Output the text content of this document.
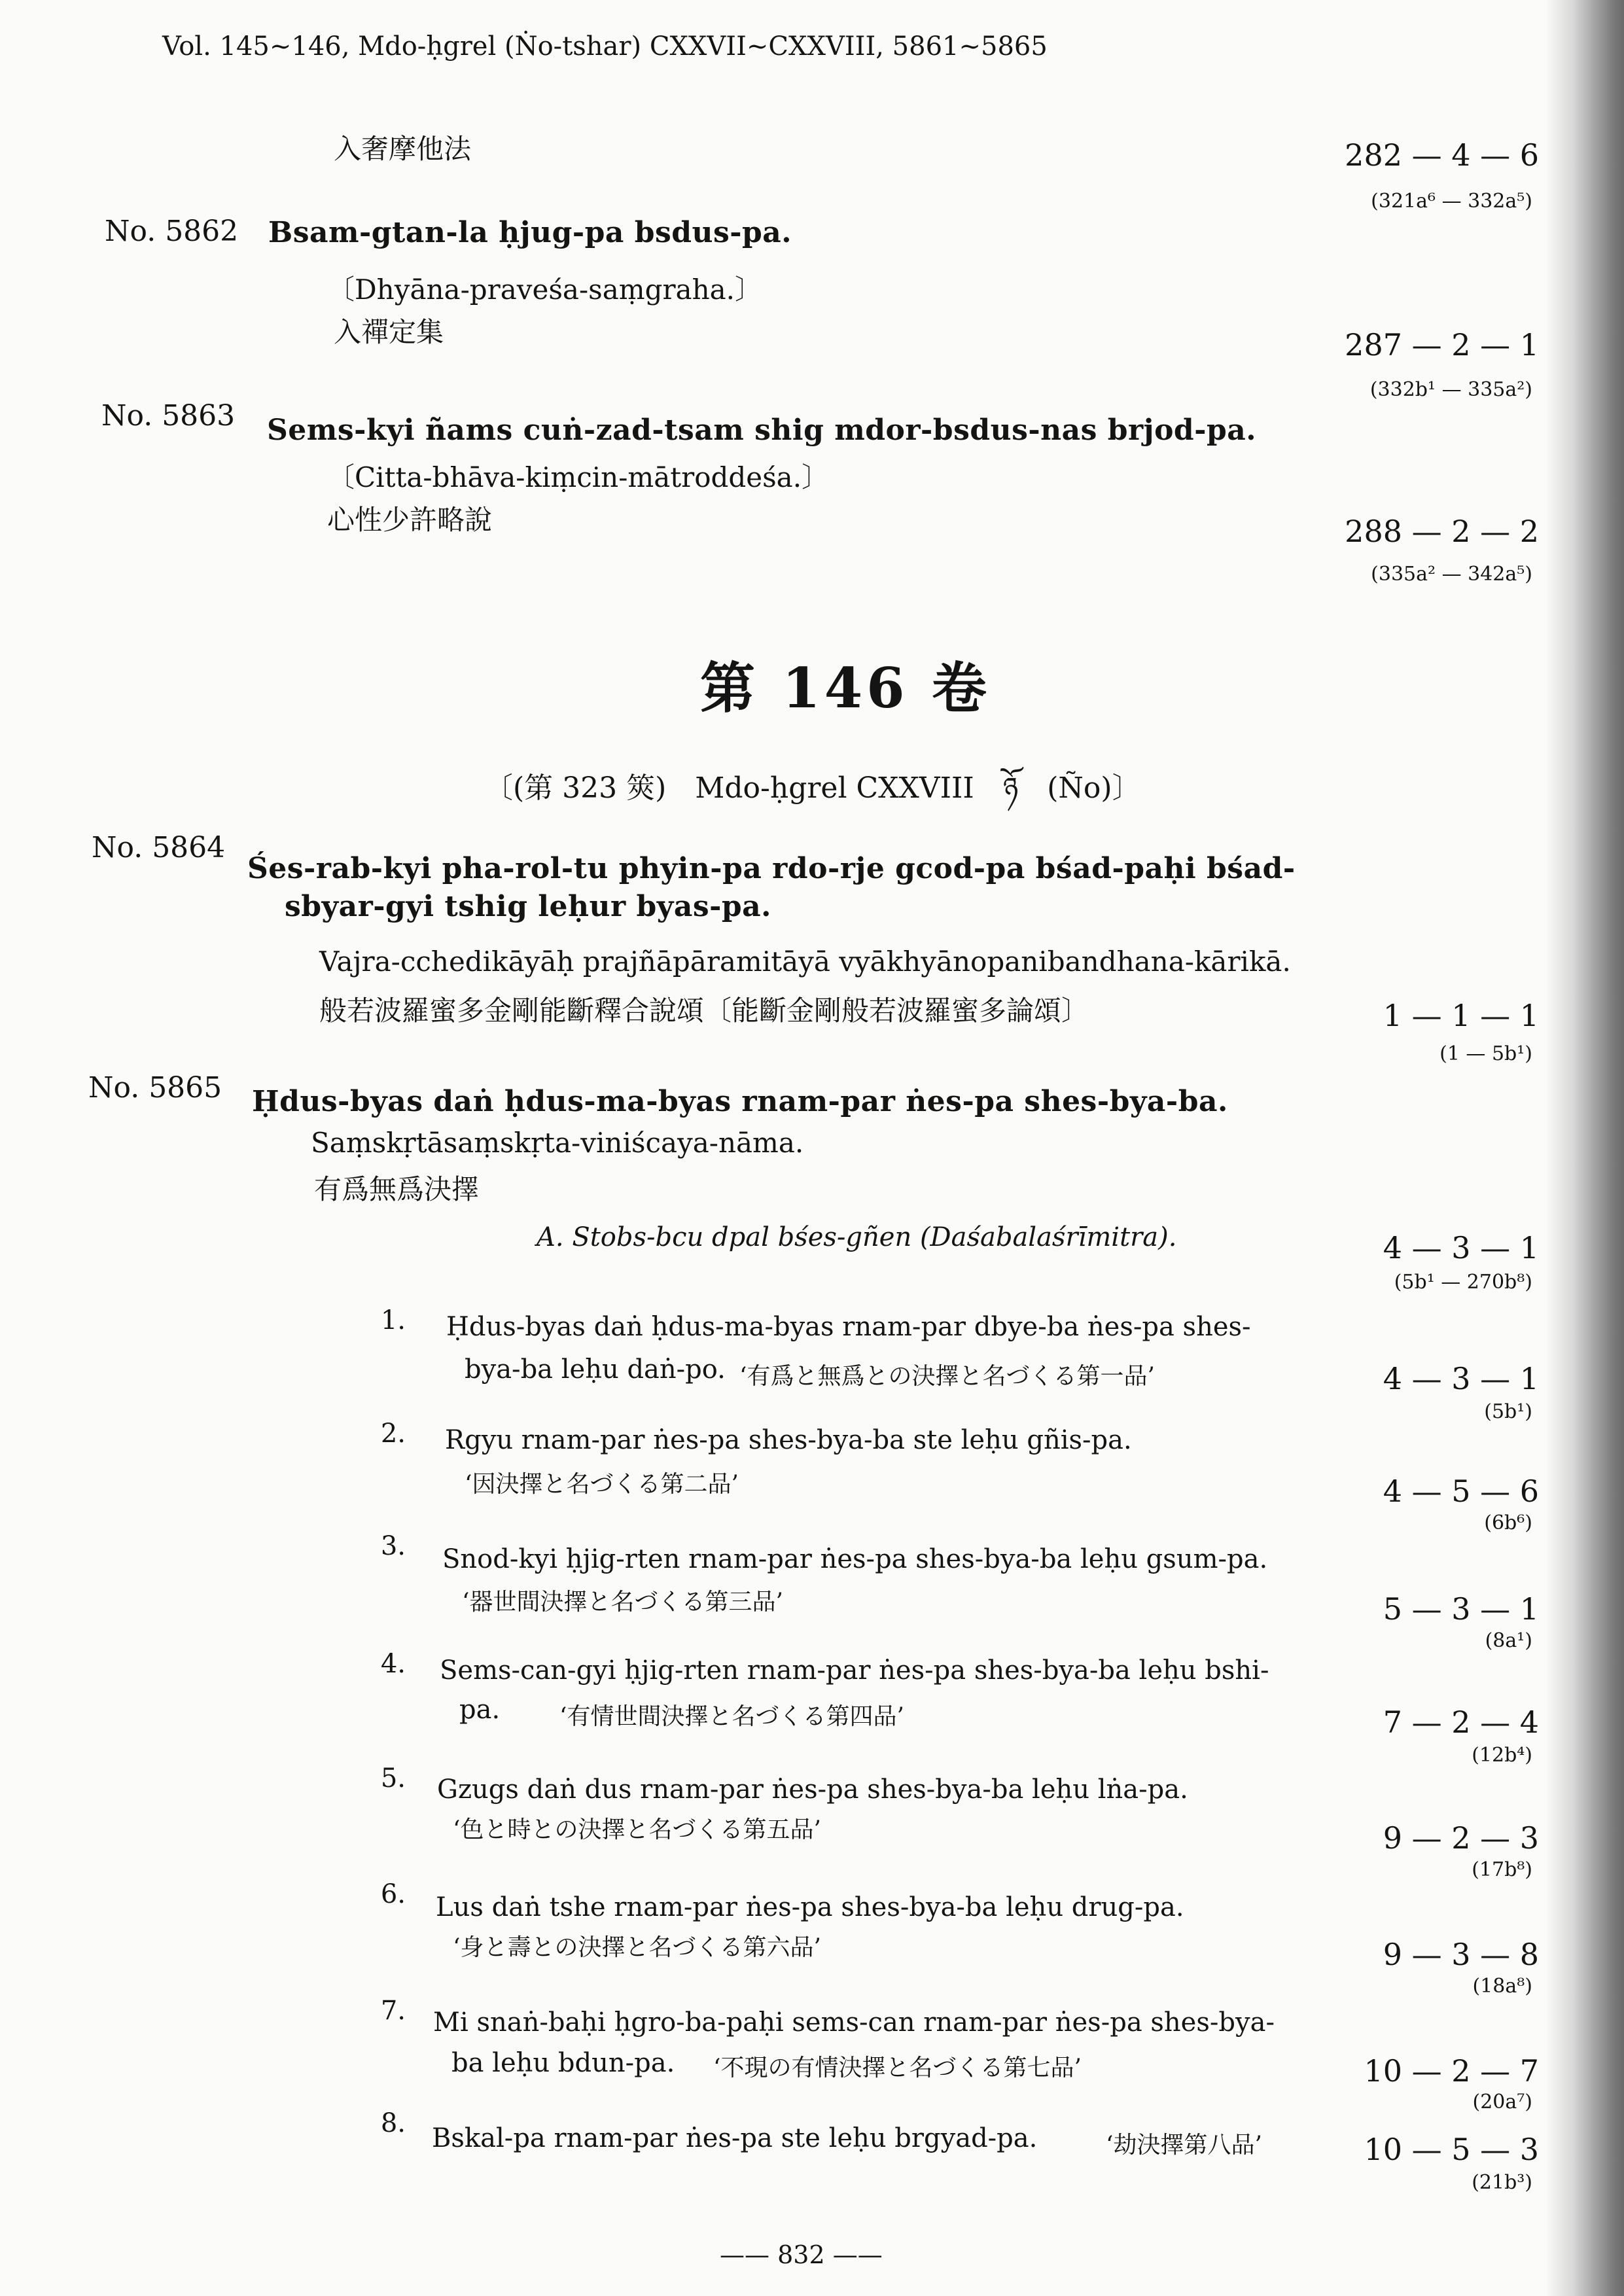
Vol. 145~146, Mdo-ḥgrel (Ṅo-tshar) CXXVII~CXXVIII, 5861~5865
入奢摩他法	282 — 4 — 6
(321a⁶ — 332a⁵)
No. 5862 Bsam-gtan-la ḥjug-pa bsdus-pa.
〔Dhyāna-praveśa-saṃgraha.〕
入禪定集	287 — 2 — 1
(332b¹ — 335a²)
No. 5863 Sems-kyi ñams cuṅ-zad-tsam shig mdor-bsdus-nas brjod-pa.
〔Citta-bhāva-kiṃcin-mātroddeśa.〕
心性少許略說	288 — 2 — 2
(335a² — 342a⁵)
第 146 卷
〔(第 323 筴)　Mdo-ḥgrel CXXVIII　ཉོ　(Ño)〕
No. 5864
Śes-rab-kyi pha-rol-tu phyin-pa rdo-rje gcod-pa bśad-paḥi bśad-
sbyar-gyi tshig leḥur byas-pa.
Vajra-cchedikāyāḥ prajñāpāramitāyā vyākhyānopanibandhana-kārikā.
般若波羅蜜多金剛能斷釋合說頌〔能斷金剛般若波羅蜜多論頌〕	1 — 1 — 1
(1 — 5b¹)
No. 5865 Ḥdus-byas daṅ ḥdus-ma-byas rnam-par ṅes-pa shes-bya-ba.
Saṃskṛtāsaṃskṛta-viniścaya-nāma.
有爲無爲決擇
A. Stobs-bcu dpal bśes-gñen (Daśabalaśrīmitra).	4 — 3 — 1
(5b¹ — 270b⁸)
1. Ḥdus-byas daṅ ḥdus-ma-byas rnam-par dbye-ba ṅes-pa shes-
bya-ba leḥu daṅ-po. ‘有爲と無爲との決擇と名づくる第一品’	4 — 3 — 1
(5b¹)
2. Rgyu rnam-par ṅes-pa shes-bya-ba ste leḥu gñis-pa.
‘因決擇と名づくる第二品’	4 — 5 — 6
(6b⁶)
3. Snod-kyi ḥjig-rten rnam-par ṅes-pa shes-bya-ba leḥu gsum-pa.
‘器世間決擇と名づくる第三品’	5 — 3 — 1
(8a¹)
4. Sems-can-gyi ḥjig-rten rnam-par ṅes-pa shes-bya-ba leḥu bshi-
pa.	‘有情世間決擇と名づくる第四品’	7 — 2 — 4
(12b⁴)
5. Gzugs daṅ dus rnam-par ṅes-pa shes-bya-ba leḥu lṅa-pa.
‘色と時との決擇と名づくる第五品’	9 — 2 — 3
(17b⁸)
6. Lus daṅ tshe rnam-par ṅes-pa shes-bya-ba leḥu drug-pa.
‘身と壽との決擇と名づくる第六品’	9 — 3 — 8
(18a⁸)
7. Mi snaṅ-baḥi ḥgro-ba-paḥi sems-can rnam-par ṅes-pa shes-bya-
ba leḥu bdun-pa. ‘不現の有情決擇と名づくる第七品’	10 — 2 — 7
(20a⁷)
8. Bskal-pa rnam-par ṅes-pa ste leḥu brgyad-pa.	‘劫決擇第八品’	10 — 5 — 3
(21b³)
—— 832 ——
